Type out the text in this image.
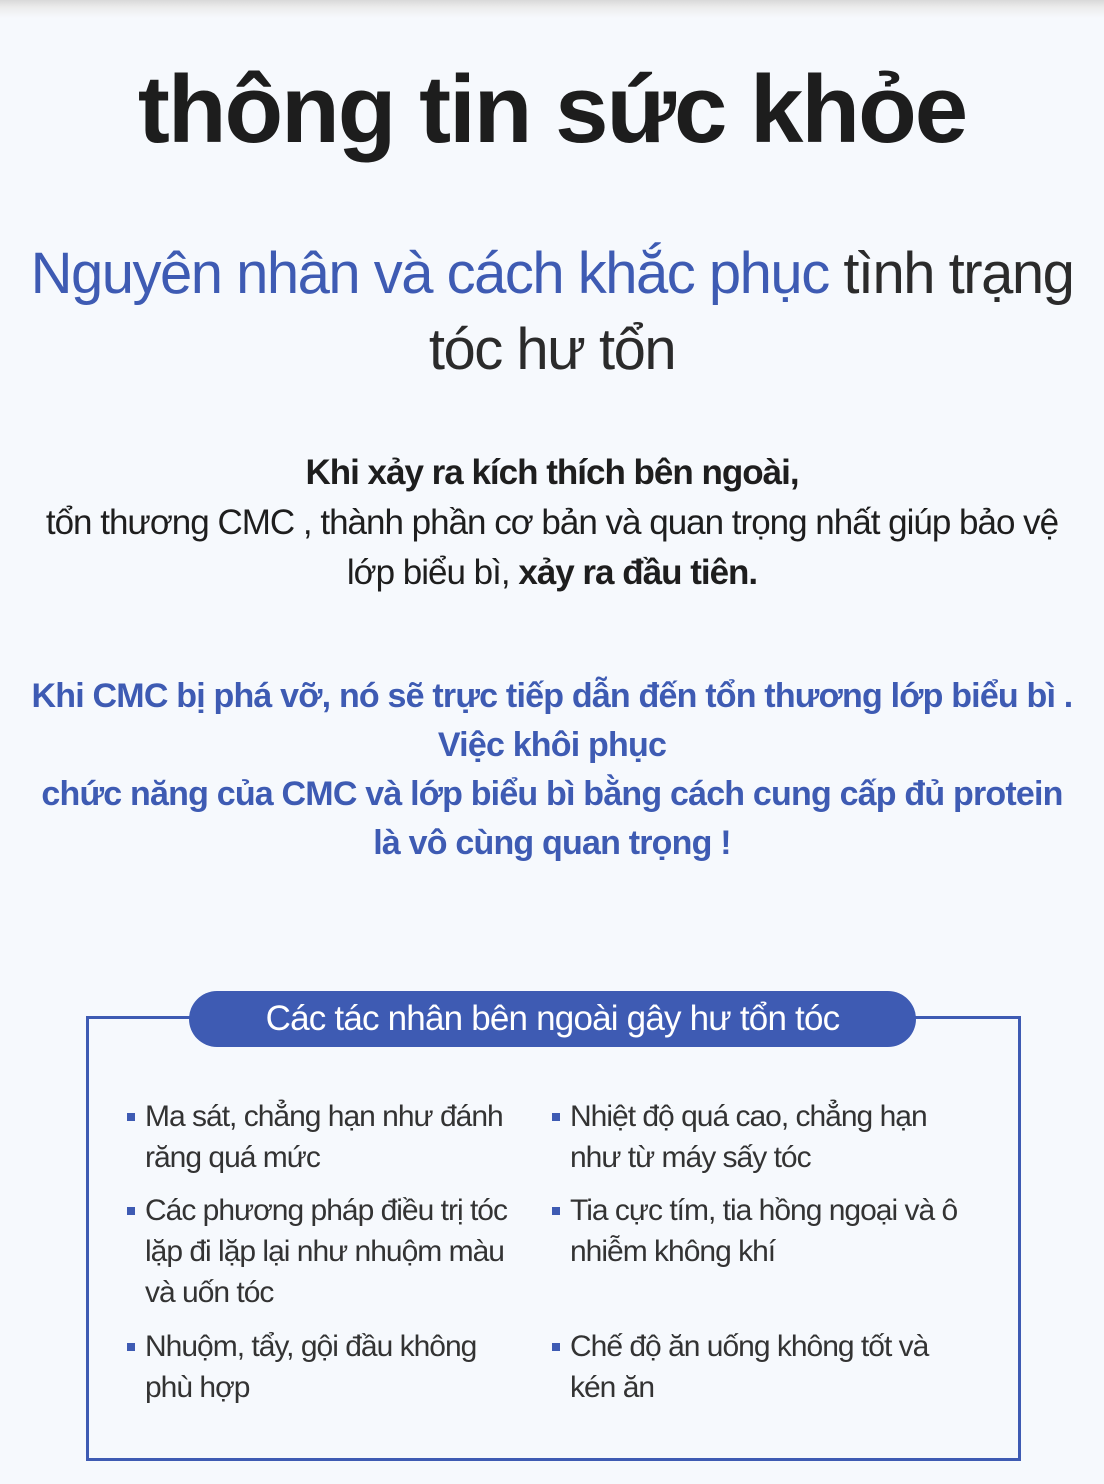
thông tin sức khỏe
Nguyên nhân và cách khắc phục tình trạng
tóc hư tổn
Khi xảy ra kích thích bên ngoài,
tổn thương CMC , thành phần cơ bản và quan trọng nhất giúp bảo vệ
lớp biểu bì, xảy ra đầu tiên.
Khi CMC bị phá vỡ, nó sẽ trực tiếp dẫn đến tổn thương lớp biểu bì .
Việc khôi phục
chức năng của CMC và lớp biểu bì bằng cách cung cấp đủ protein
là vô cùng quan trọng !
Các tác nhân bên ngoài gây hư tổn tóc
Ma sát, chẳng hạn như đánh
răng quá mức
Nhiệt độ quá cao, chẳng hạn
như từ máy sấy tóc
Các phương pháp điều trị tóc
lặp đi lặp lại như nhuộm màu
và uốn tóc
Tia cực tím, tia hồng ngoại và ô
nhiễm không khí
Nhuộm, tẩy, gội đầu không
phù hợp
Chế độ ăn uống không tốt và
kén ăn
